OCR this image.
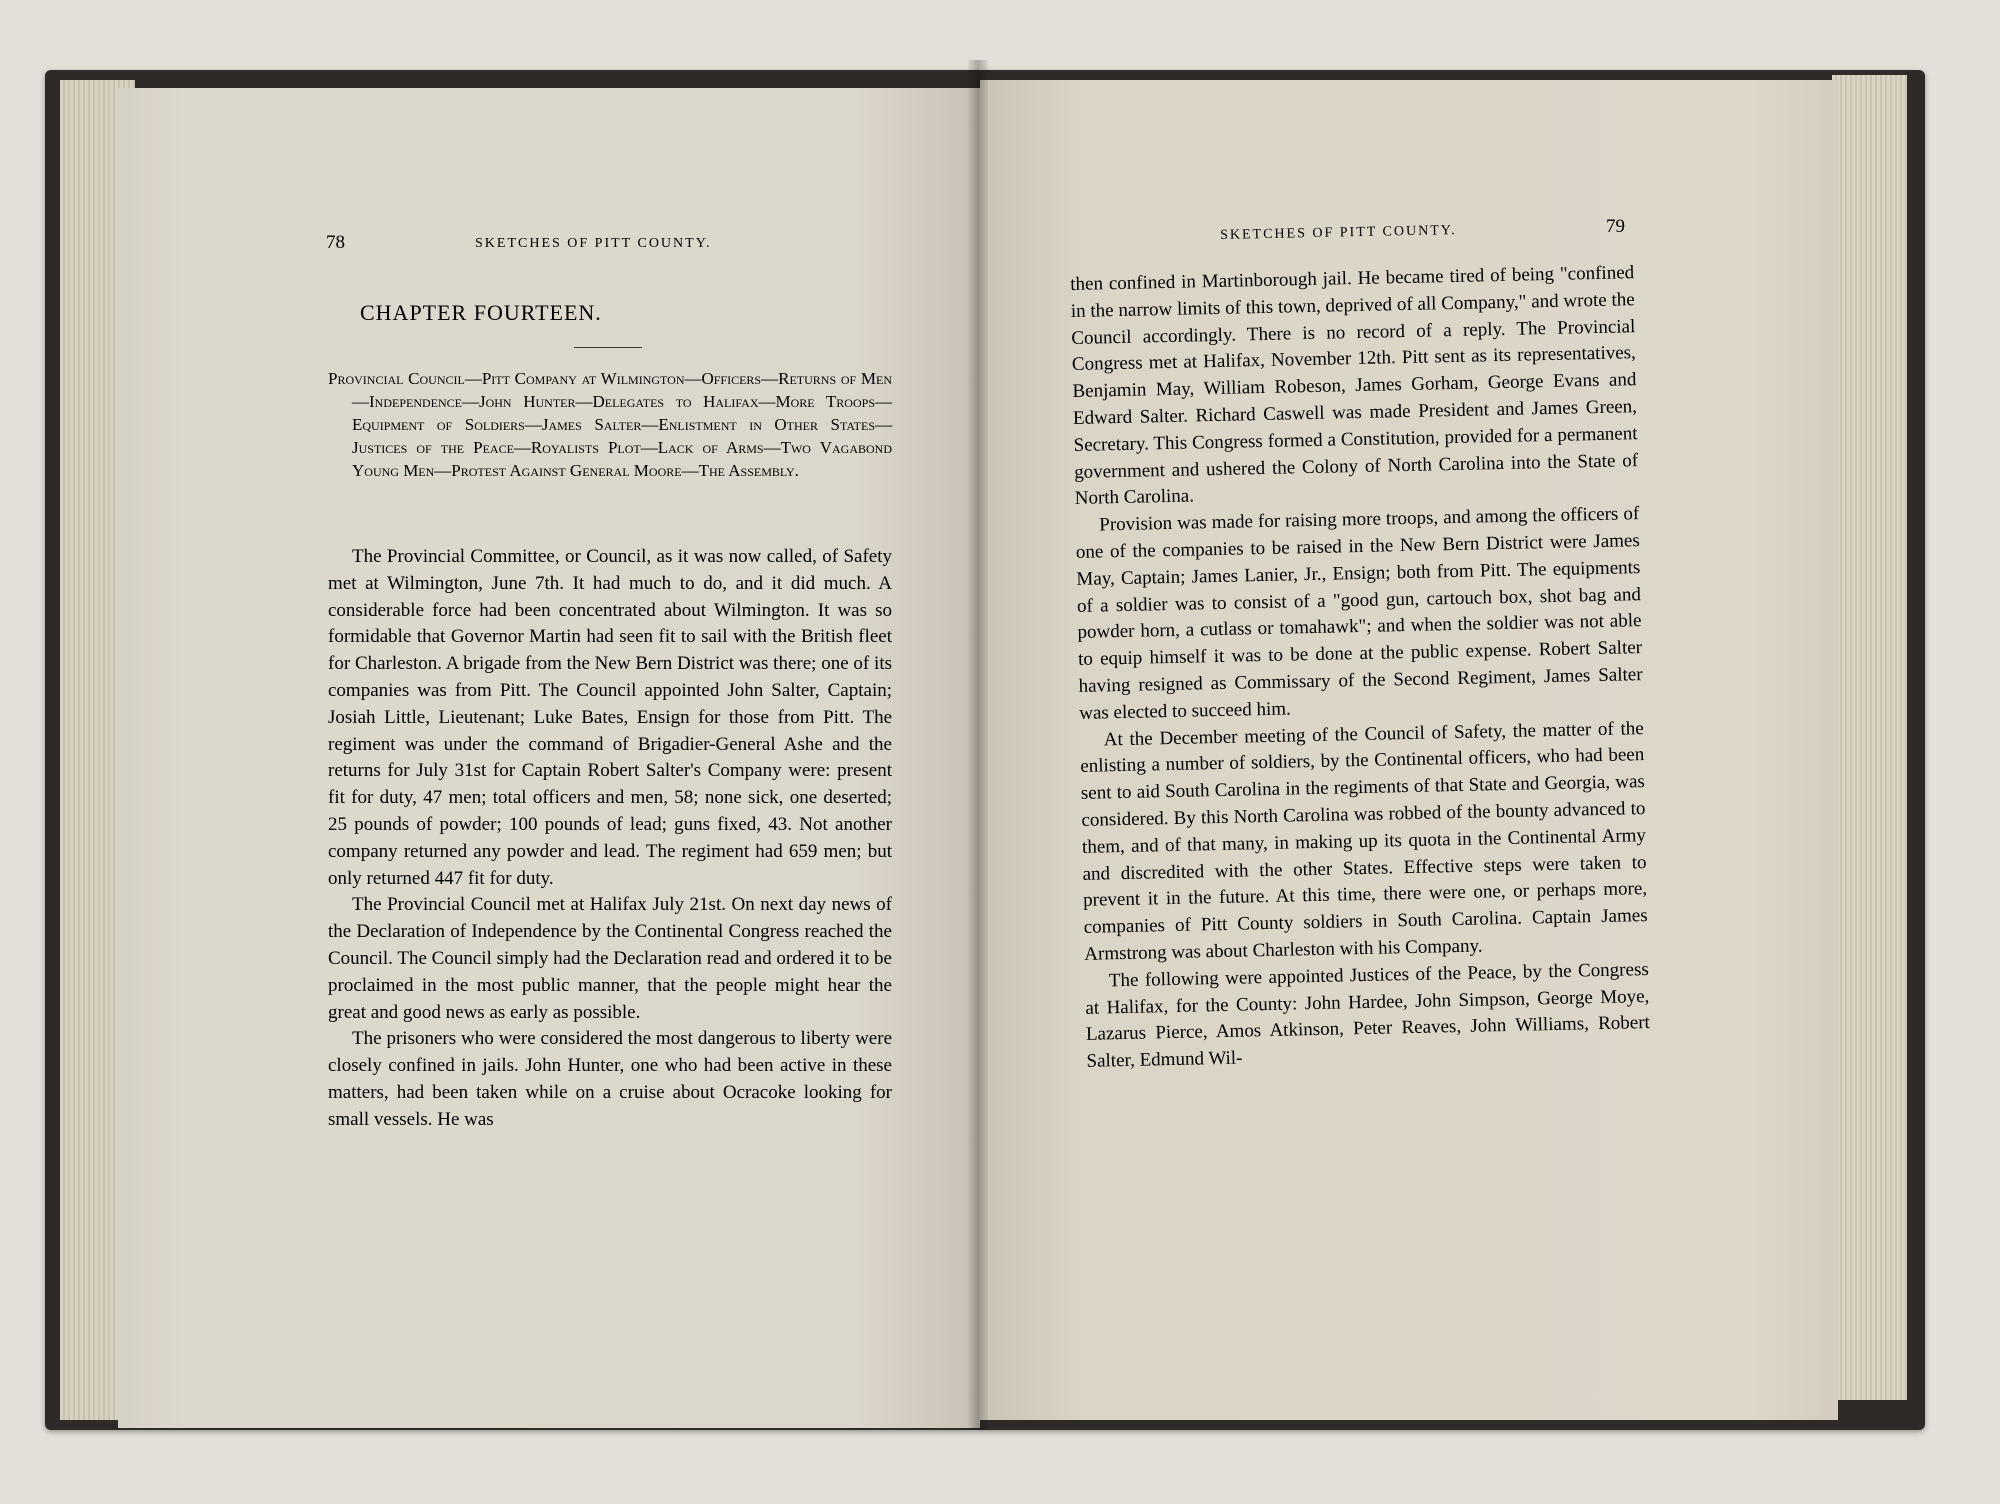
78	SKETCHES OF PITT COUNTY.
CHAPTER FOURTEEN.
Provincial Council—Pitt Company at Wilmington—Officers—Returns of Men—Independence—John Hunter—Delegates to Halifax—More Troops—Equipment of Soldiers—James Salter—Enlistment in Other States—Justices of the Peace—Royalists Plot—Lack of Arms—Two Vagabond Young Men—Protest Against General Moore—The Assembly.

The Provincial Committee, or Council, as it was now called, of Safety met at Wilmington, June 7th. It had much to do, and it did much. A considerable force had been concentrated about Wilmington. It was so formidable that Governor Martin had seen fit to sail with the British fleet for Charleston. A brigade from the New Bern District was there; one of its companies was from Pitt. The Council appointed John Salter, Captain; Josiah Little, Lieutenant; Luke Bates, Ensign for those from Pitt. The regiment was under the command of Brigadier-General Ashe and the returns for July 31st for Captain Robert Salter's Company were: present fit for duty, 47 men; total officers and men, 58; none sick, one deserted; 25 pounds of powder; 100 pounds of lead; guns fixed, 43. Not another company returned any powder and lead. The regiment had 659 men; but only returned 447 fit for duty.

The Provincial Council met at Halifax July 21st. On next day news of the Declaration of Independence by the Continental Congress reached the Council. The Council simply had the Declaration read and ordered it to be proclaimed in the most public manner, that the people might hear the great and good news as early as possible.

The prisoners who were considered the most dangerous to liberty were closely confined in jails. John Hunter, one who had been active in these matters, had been taken while on a cruise about Ocracoke looking for small vessels. He was

SKETCHES OF PITT COUNTY.	79

then confined in Martinborough jail. He became tired of being "confined in the narrow limits of this town, deprived of all Company," and wrote the Council accordingly. There is no record of a reply. The Provincial Congress met at Halifax, November 12th. Pitt sent as its representatives, Benjamin May, William Robeson, James Gorham, George Evans and Edward Salter. Richard Caswell was made President and James Green, Secretary. This Congress formed a Constitution, provided for a permanent government and ushered the Colony of North Carolina into the State of North Carolina.

Provision was made for raising more troops, and among the officers of one of the companies to be raised in the New Bern District were James May, Captain; James Lanier, Jr., Ensign; both from Pitt. The equipments of a soldier was to consist of a "good gun, cartouch box, shot bag and powder horn, a cutlass or tomahawk"; and when the soldier was not able to equip himself it was to be done at the public expense. Robert Salter having resigned as Commissary of the Second Regiment, James Salter was elected to succeed him.

At the December meeting of the Council of Safety, the matter of the enlisting a number of soldiers, by the Continental officers, who had been sent to aid South Carolina in the regiments of that State and Georgia, was considered. By this North Carolina was robbed of the bounty advanced to them, and of that many, in making up its quota in the Continental Army and discredited with the other States. Effective steps were taken to prevent it in the future. At this time, there were one, or perhaps more, companies of Pitt County soldiers in South Carolina. Captain James Armstrong was about Charleston with his Company.

The following were appointed Justices of the Peace, by the Congress at Halifax, for the County: John Hardee, John Simpson, George Moye, Lazarus Pierce, Amos Atkinson, Peter Reaves, John Williams, Robert Salter, Edmund Wil-
